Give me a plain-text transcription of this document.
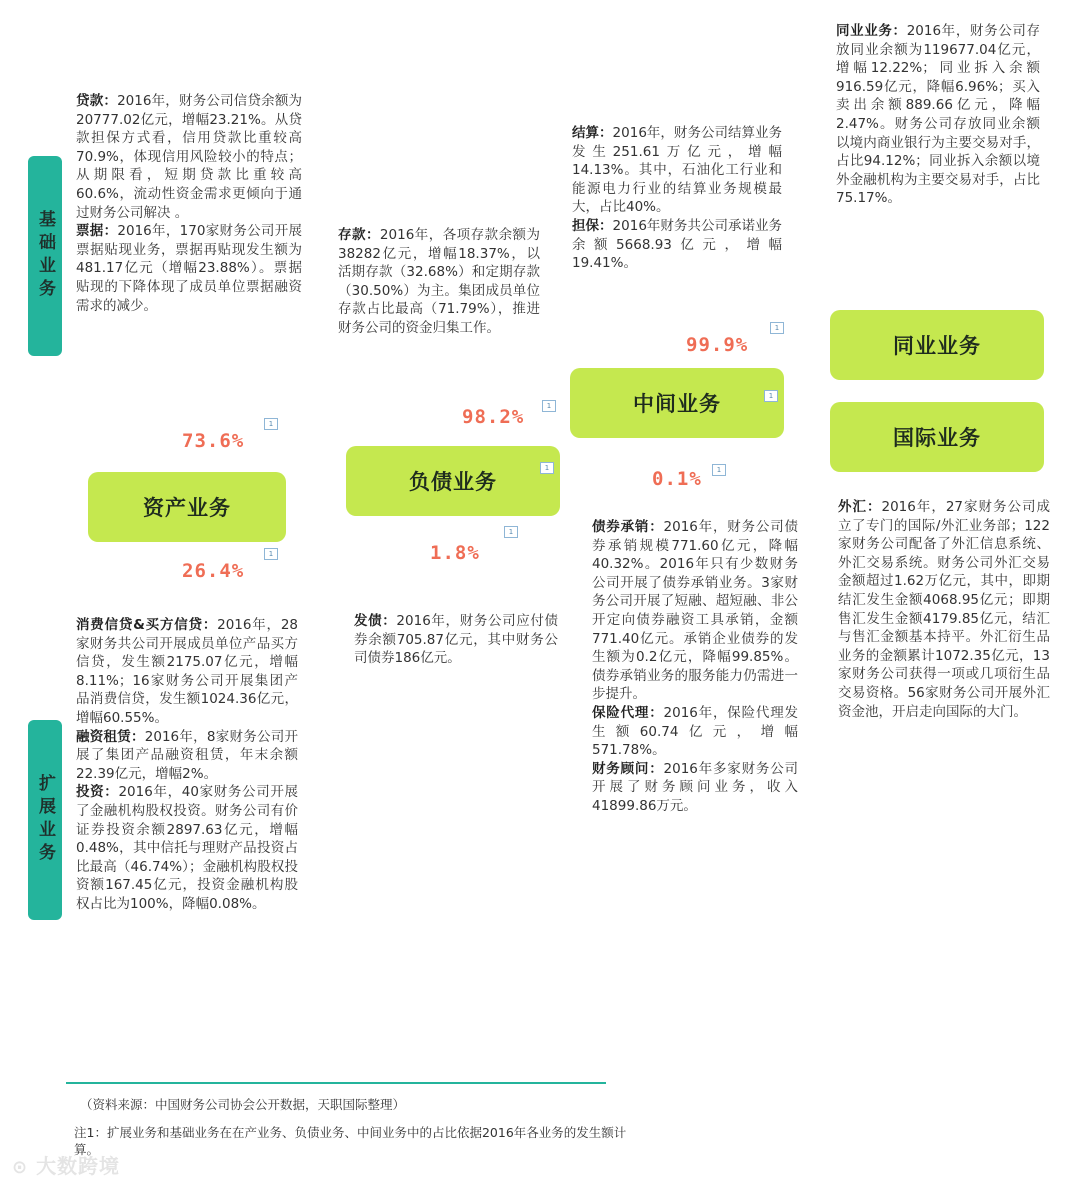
基础业务
扩展业务

贷款：2016年，财务公司信贷余额为20777.02亿元，增幅23.21%。从贷款担保方式看，信用贷款比重较高70.9%，体现信用风险较小的特点；从期限看，短期贷款比重较高60.6%，流动性资金需求更倾向于通过财务公司解决 。

票据：2016年，170家财务公司开展票据贴现业务，票据再贴现发生额为481.17亿元（增幅23.88%）。票据贴现的下降体现了成员单位票据融资需求的减少。

存款：2016年，各项存款余额为38282亿元，增幅18.37%，以活期存款（32.68%）和定期存款（30.50%）为主。集团成员单位存款占比最高（71.79%），推进财务公司的资金归集工作。

结算：2016年，财务公司结算业务发生251.61万亿元，增幅14.13%。其中，石油化工行业和能源电力行业的结算业务规模最大，占比40%。

担保：2016年财务共公司承诺业务余额5668.93亿元，增幅19.41%。

同业业务：2016年，财务公司存放同业余额为119677.04亿元，增幅12.22%；同业拆入余额916.59亿元，降幅6.96%；买入卖出余额889.66亿元，降幅2.47%。财务公司存放同业余额以境内商业银行为主要交易对手，占比94.12%；同业拆入余额以境外金融机构为主要交易对手，占比75.17%。

资产业务
负债业务
中间业务
同业业务
国际业务
73.6%
26.4%
98.2%
1.8%
99.9%
0.1%
1
1
1
1
1
1
1
1

消费信贷&买方信贷：2016年，28家财务共公司开展成员单位产品买方信贷，发生额2175.07亿元，增幅8.11%；16家财务公司开展集团产品消费信贷，发生额1024.36亿元，增幅60.55%。

融资租赁：2016年，8家财务公司开展了集团产品融资租赁，年末余额22.39亿元，增幅2%。

投资：2016年，40家财务公司开展了金融机构股权投资。财务公司有价证券投资余额2897.63亿元，增幅0.48%，其中信托与理财产品投资占比最高（46.74%）；金融机构股权投资额167.45亿元，投资金融机构股权占比为100%，降幅0.08%。

发债：2016年，财务公司应付债券余额705.87亿元，其中财务公司债券186亿元。

债券承销：2016年，财务公司债券承销规模771.60亿元，降幅40.32%。2016年只有少数财务公司开展了债券承销业务。3家财务公司开展了短融、超短融、非公开定向债券融资工具承销，金额771.40亿元。承销企业债券的发生额为0.2亿元，降幅99.85%。债券承销业务的服务能力仍需进一步提升。

保险代理：2016年，保险代理发生额60.74亿元，增幅571.78%。

财务顾问：2016年多家财务公司开展了财务顾问业务，收入41899.86万元。

外汇：2016年，27家财务公司成立了专门的国际/外汇业务部；122家财务公司配备了外汇信息系统、外汇交易系统。财务公司外汇交易金额超过1.62万亿元，其中，即期结汇发生金额4068.95亿元；即期售汇发生金额4179.85亿元，结汇与售汇金额基本持平。外汇衍生品业务的金额累计1072.35亿元，13家财务公司获得一项或几项衍生品交易资格。56家财务公司开展外汇资金池，开启走向国际的大门。

（资料来源：中国财务公司协会公开数据，天职国际整理）
注1：扩展业务和基础业务在在产业务、负债业务、中间业务中的占比依据2016年各业务的发生额计算。
⊙ 大数跨境
